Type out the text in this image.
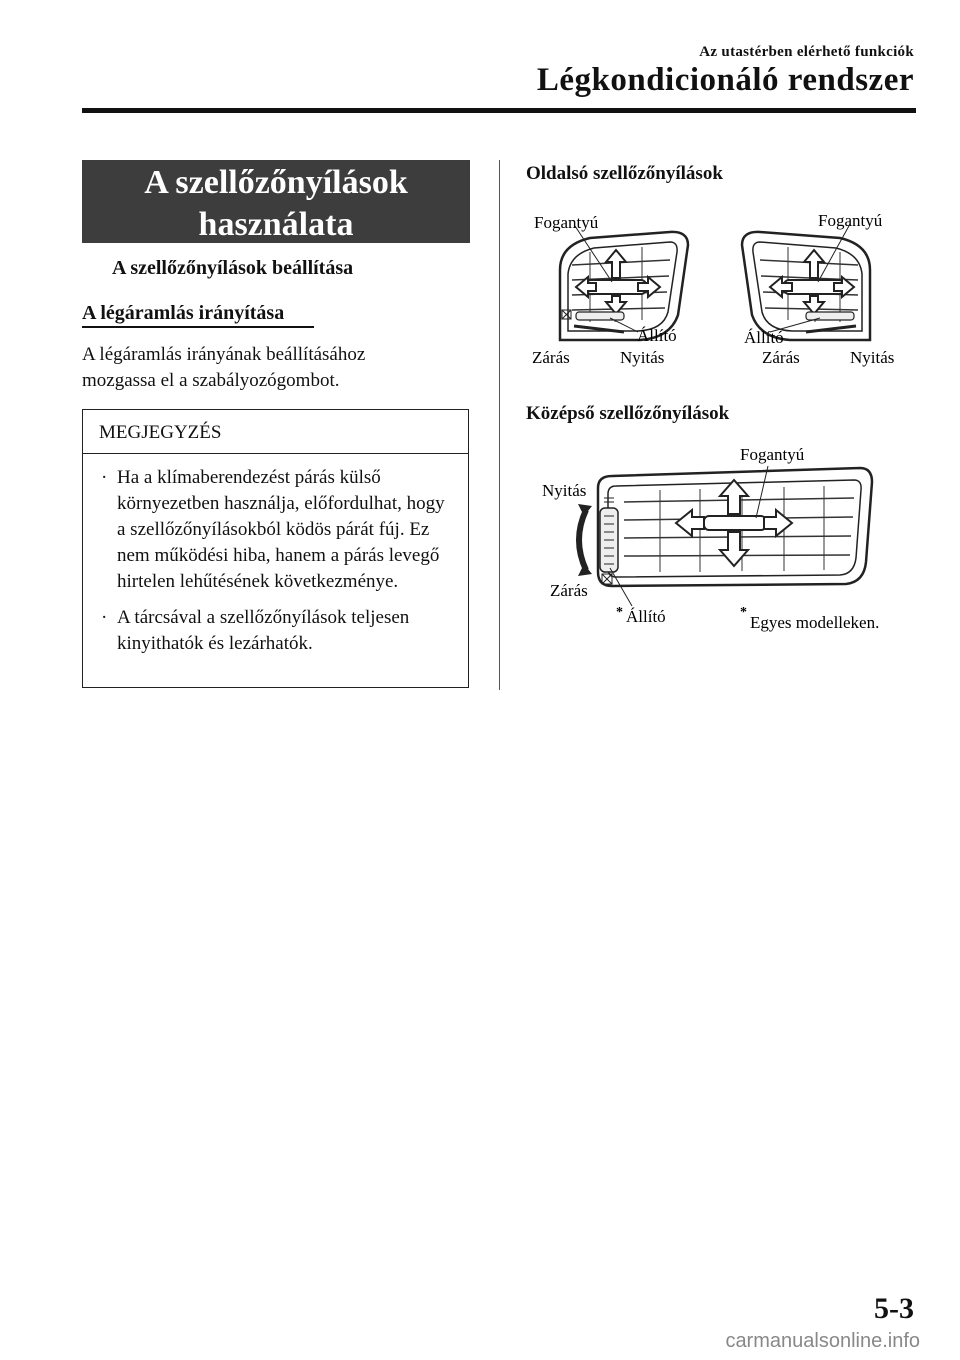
Az utastérben elérhető funkciók
Légkondicionáló rendszer
A szellőzőnyílások
használata
A szellőzőnyílások beállítása
A légáramlás irányítása
A légáramlás irányának beállításához
mozgassa el a szabályozógombot.
MEGJEGYZÉS
· Ha a klímaberendezést párás külső környezetben használja, előfordulhat, hogy a szellőzőnyílásokból ködös párát fúj. Ez nem működési hiba, hanem a párás levegő hirtelen lehűtésének következménye.
· A tárcsával a szellőzőnyílások teljesen kinyithatók és lezárhatók.
Oldalsó szellőzőnyílások
Fogantyú	Fogantyú
Állító	Állító
Zárás	Nyitás	Zárás	Nyitás
Középső szellőzőnyílások
Fogantyú
Nyitás
Zárás
* Állító	*
Egyes modelleken.
5-3
carmanualsonline.info
